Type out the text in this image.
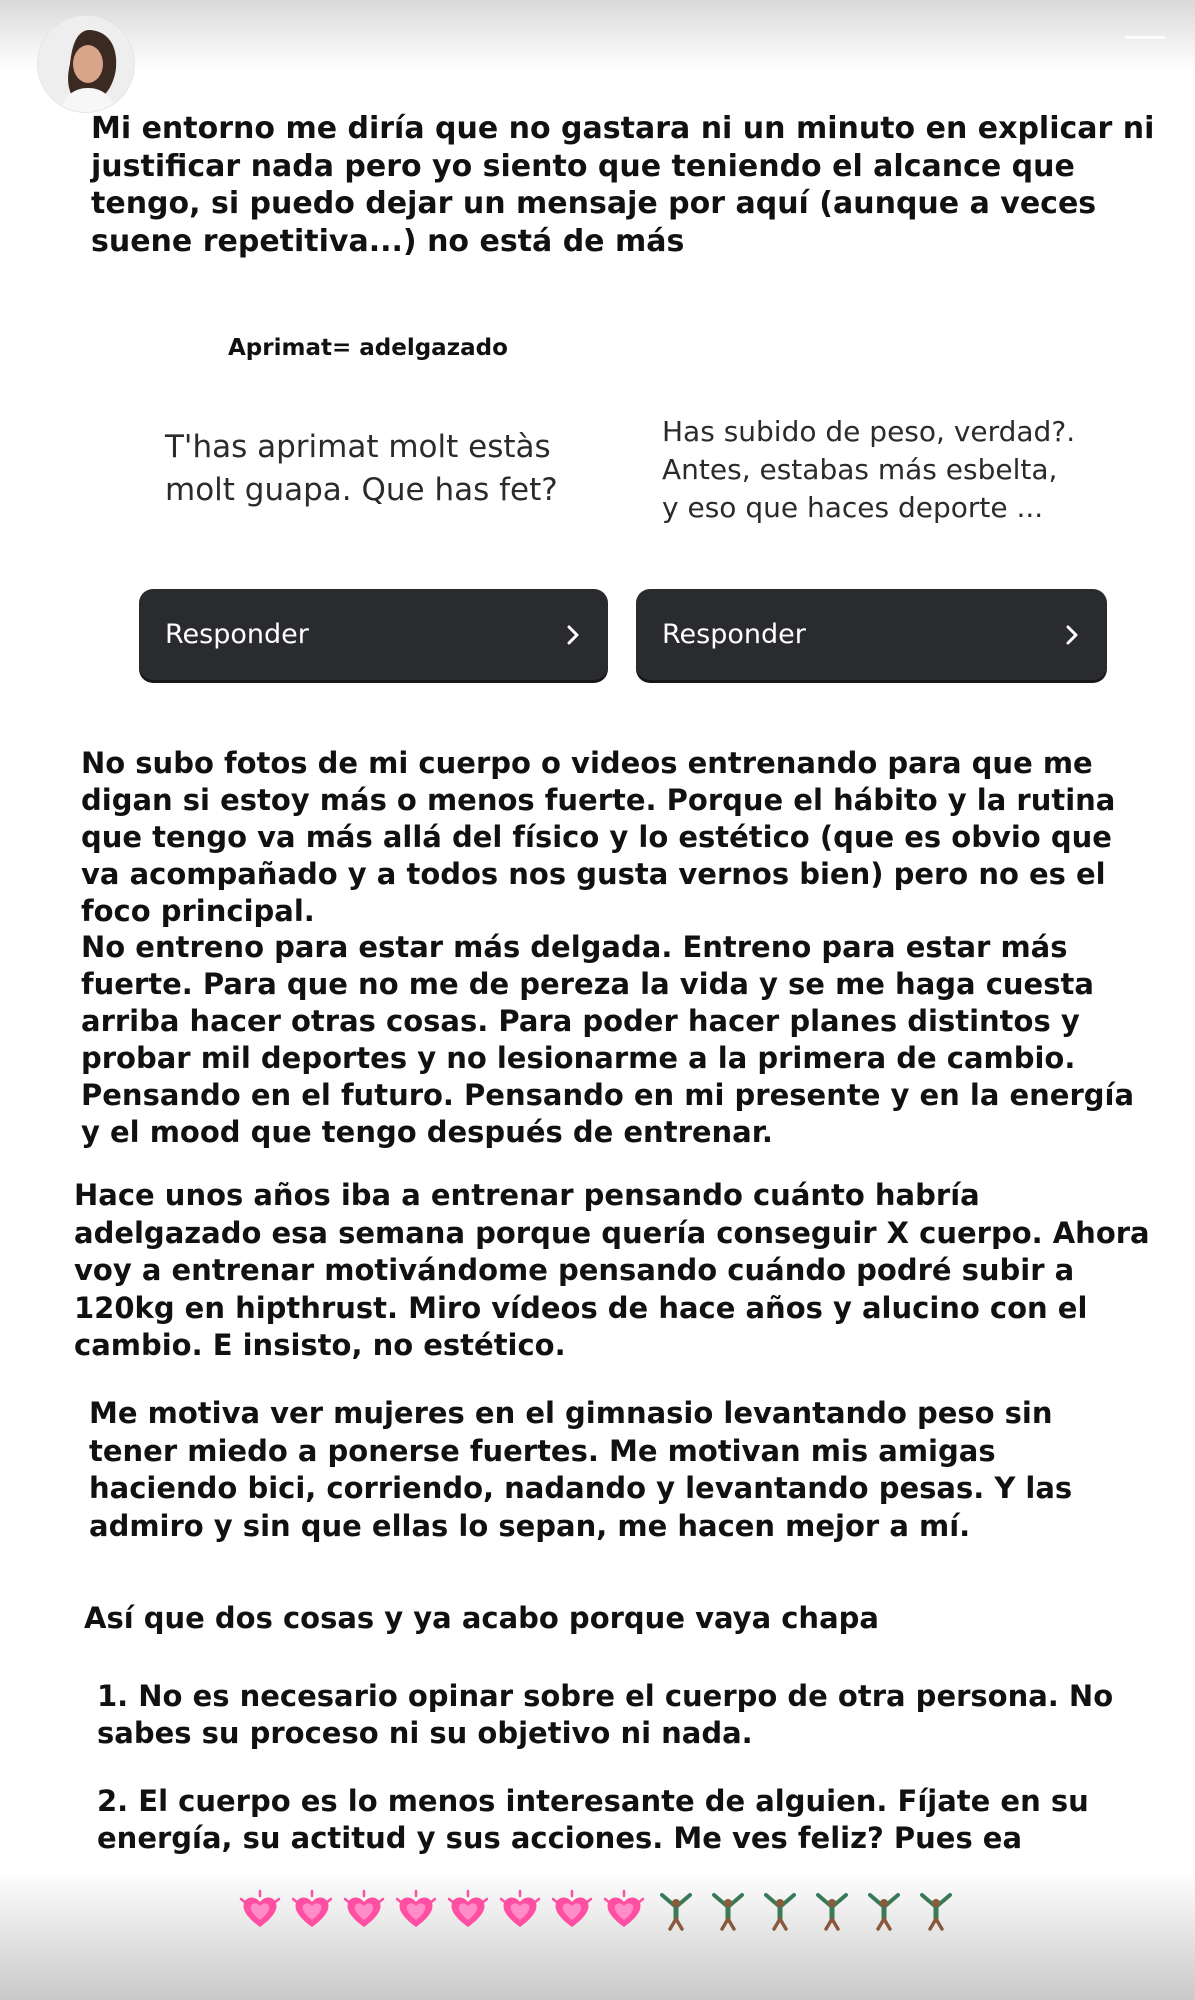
Mi entorno me diría que no gastara ni un minuto en explicar ni justificar nada pero yo siento que teniendo el alcance que tengo, si puedo dejar un mensaje por aquí (aunque a veces suene repetitiva...) no está de más

Aprimat= adelgazado

T'has aprimat molt estàs molt guapa. Que has fet?

Has subido de peso, verdad?. Antes, estabas más esbelta, y eso que haces deporte ...

Responder	Responder

No subo fotos de mi cuerpo o videos entrenando para que me digan si estoy más o menos fuerte. Porque el hábito y la rutina que tengo va más allá del físico y lo estético (que es obvio que va acompañado y a todos nos gusta vernos bien) pero no es el foco principal.

No entreno para estar más delgada. Entreno para estar más fuerte. Para que no me de pereza la vida y se me haga cuesta arriba hacer otras cosas. Para poder hacer planes distintos y probar mil deportes y no lesionarme a la primera de cambio. Pensando en el futuro. Pensando en mi presente y en la energía y el mood que tengo después de entrenar.

Hace unos años iba a entrenar pensando cuánto habría adelgazado esa semana porque quería conseguir X cuerpo. Ahora voy a entrenar motivándome pensando cuándo podré subir a 120kg en hipthrust. Miro vídeos de hace años y alucino con el cambio. E insisto, no estético.

Me motiva ver mujeres en el gimnasio levantando peso sin tener miedo a ponerse fuertes. Me motivan mis amigas haciendo bici, corriendo, nadando y levantando pesas. Y las admiro y sin que ellas lo sepan, me hacen mejor a mí.

Así que dos cosas y ya acabo porque vaya chapa

1. No es necesario opinar sobre el cuerpo de otra persona. No sabes su proceso ni su objetivo ni nada.

2. El cuerpo es lo menos interesante de alguien. Fíjate en su energía, su actitud y sus acciones. Me ves feliz? Pues ea
